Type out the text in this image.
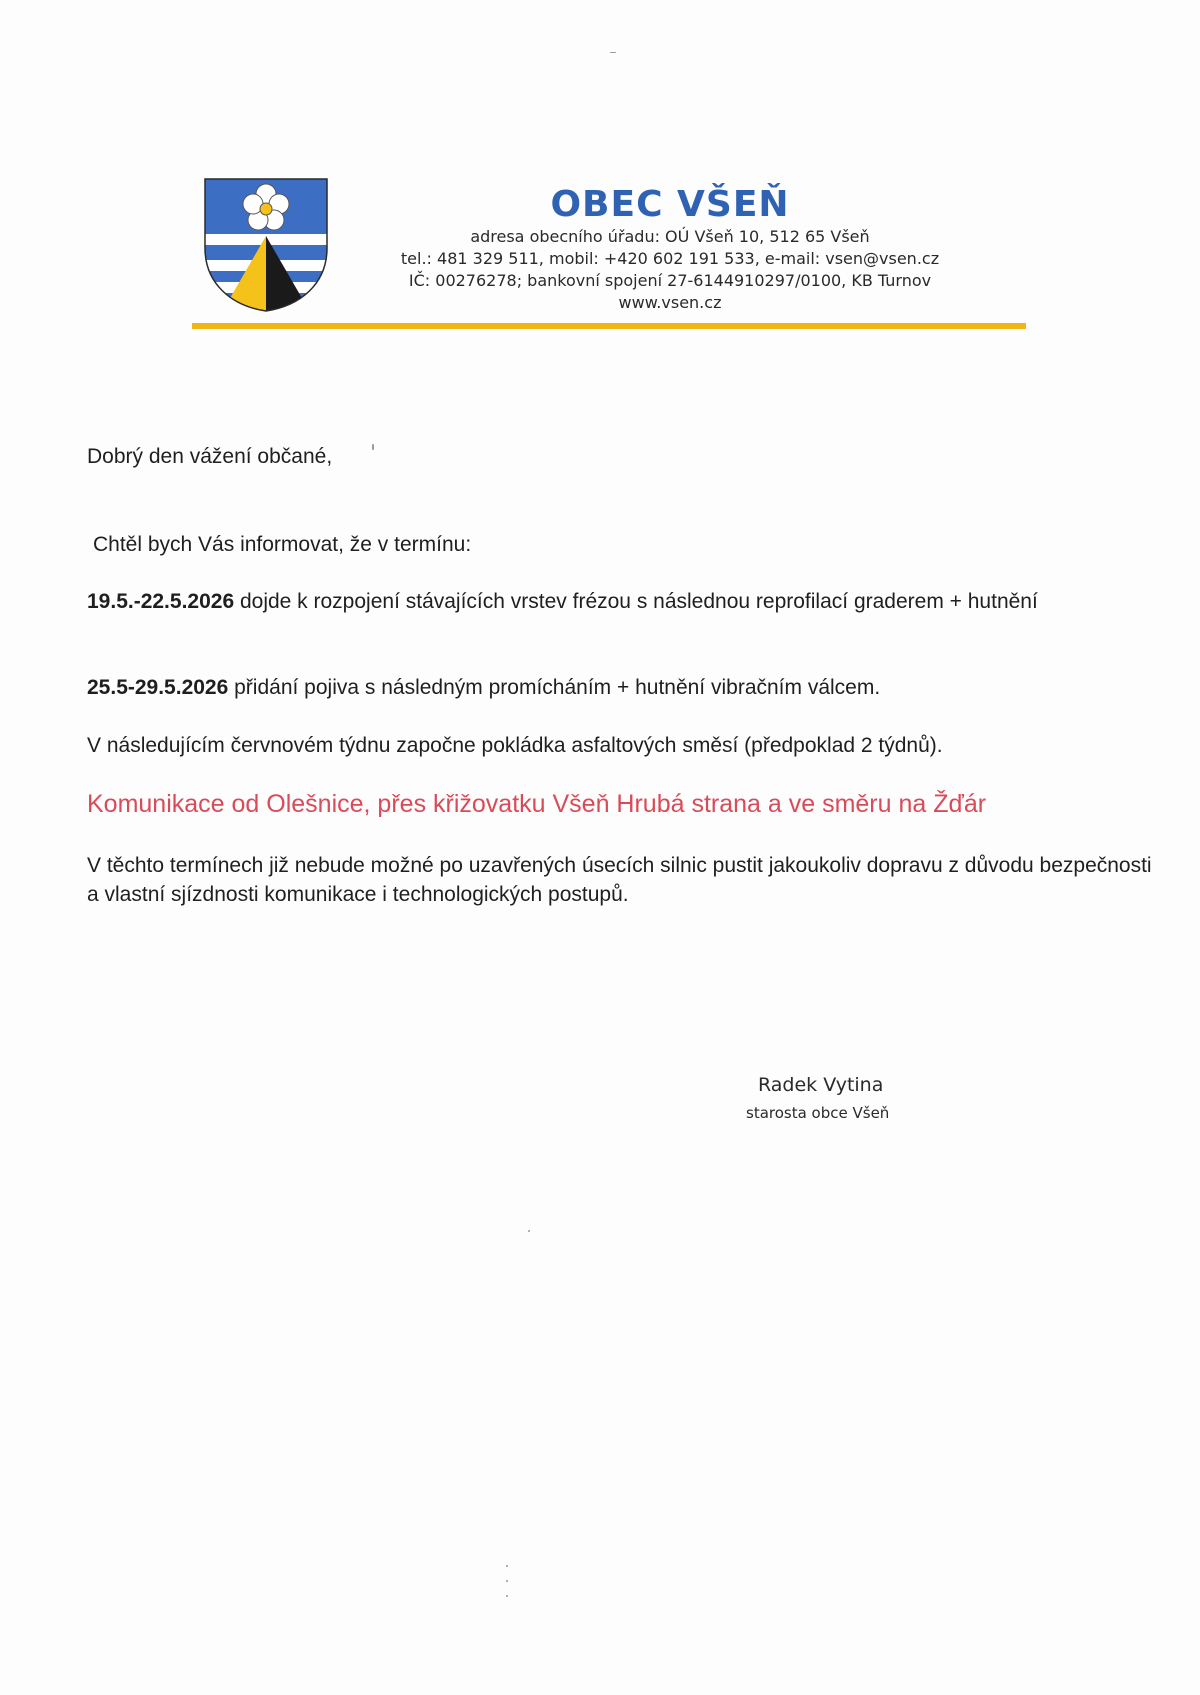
OBEC VŠEŇ
adresa obecního úřadu: OÚ Všeň 10, 512 65 Všeň
tel.: 481 329 511, mobil: +420 602 191 533, e-mail: vsen@vsen.cz
IČ: 00276278; bankovní spojení 27-6144910297/0100, KB Turnov
www.vsen.cz
Dobrý den vážení občané,
Chtěl bych Vás informovat, že v termínu:
19.5.-22.5.2026 dojde k rozpojení stávajících vrstev frézou s následnou reprofilací graderem + hutnění
25.5-29.5.2026 přidání pojiva s následným promícháním + hutnění vibračním válcem.
V následujícím červnovém týdnu započne pokládka asfaltových směsí (předpoklad 2 týdnů).
Komunikace od Olešnice, přes křižovatku Všeň Hrubá strana a ve směru na Žďár
V těchto termínech již nebude možné po uzavřených úsecích silnic pustit jakoukoliv dopravu z důvodu bezpečnosti a vlastní sjízdnosti komunikace i technologických postupů.
Radek Vytina
starosta obce Všeň
